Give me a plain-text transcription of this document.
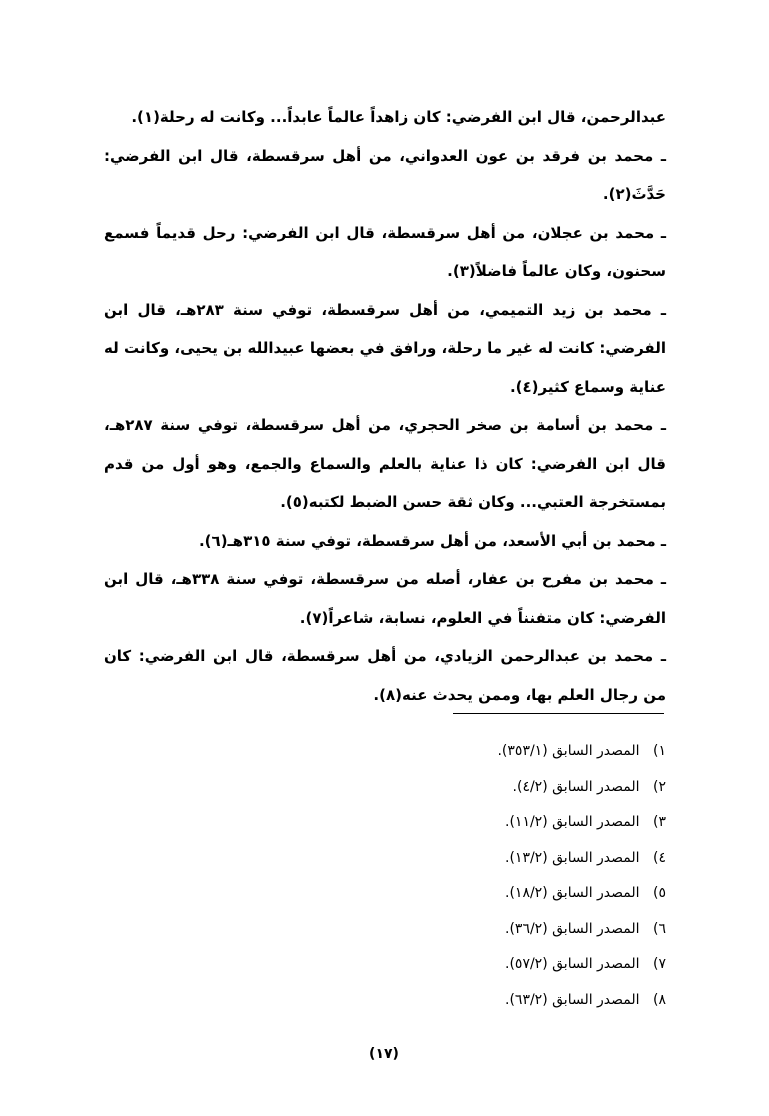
عبدالرحمن، قال ابن الفرضي: كان زاهداً عالماً عابداً... وكانت له رحلة(١).

ـ محمد بن فرقد بن عون العدواني، من أهل سرقسطة، قال ابن الفرضي: حَدَّثَ(٢).

ـ محمد بن عجلان، من أهل سرقسطة، قال ابن الفرضي: رحل قديماً فسمع سحنون، وكان عالماً فاضلاً(٣).

ـ محمد بن زيد التميمي، من أهل سرقسطة، توفي سنة ٢٨٣هـ، قال ابن الفرضي: كانت له غير ما رحلة، ورافق في بعضها عبيدالله بن يحيى، وكانت له عناية وسماع كثير(٤).

ـ محمد بن أسامة بن صخر الحجري، من أهل سرقسطة، توفي سنة ٢٨٧هـ، قال ابن الفرضي: كان ذا عناية بالعلم والسماع والجمع، وهو أول من قدم بمستخرجة العتبي... وكان ثقة حسن الضبط لكتبه(٥).

ـ محمد بن أبي الأسعد، من أهل سرقسطة، توفي سنة ٣١٥هـ(٦).

ـ محمد بن مفرح بن عفار، أصله من سرقسطة، توفي سنة ٣٣٨هـ، قال ابن الفرضي: كان متفنناً في العلوم، نسابة، شاعراً(٧).

ـ محمد بن عبدالرحمن الزيادي، من أهل سرقسطة، قال ابن الفرضي: كان من رجال العلم بها، وممن يحدث عنه(٨).

١) المصدر السابق (٣٥٣/١).
٢) المصدر السابق (٤/٢).
٣) المصدر السابق (١١/٢).
٤) المصدر السابق (١٣/٢).
٥) المصدر السابق (١٨/٢).
٦) المصدر السابق (٣٦/٢).
٧) المصدر السابق (٥٧/٢).
٨) المصدر السابق (٦٣/٢).
(١٧)
